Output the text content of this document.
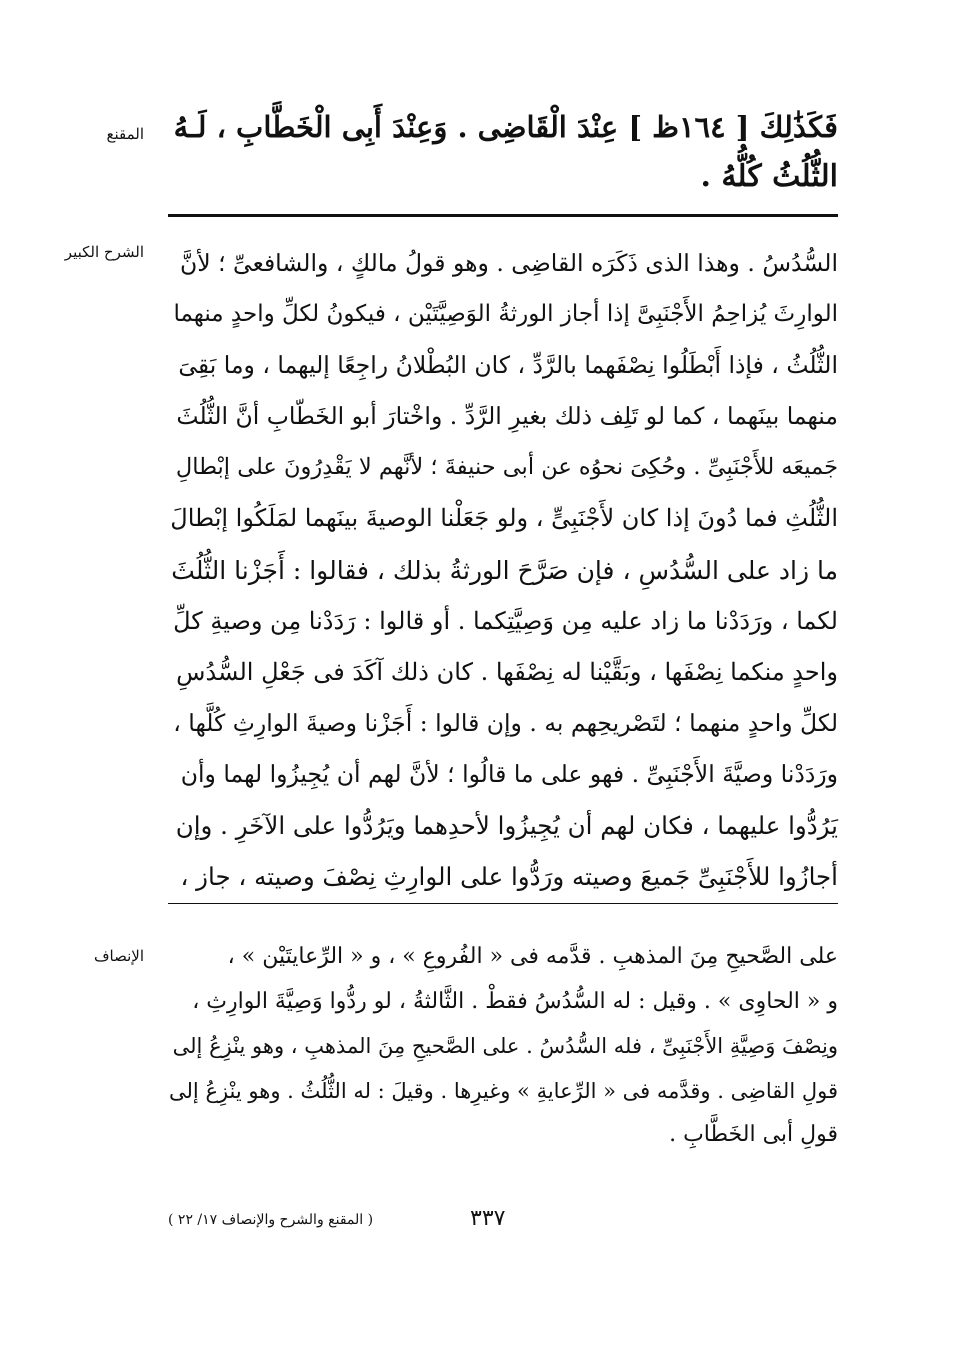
المقنع
الشرح الكبير
الإنصاف
فَكَذَٰلِكَ [ ١٦٤ظ ] عِنْدَ الْقَاضِى . وَعِنْدَ أَبِى الْخَطَّابِ ، لَـهُ
الثُّلُثُ كُلُّهُ .
السُّدُسُ . وهذا الذى ذَكَرَه القاضِى . وهو قولُ مالكٍ ، والشافعىِّ ؛ لأنَّ
الوارِثَ يُزاحِمُ الأَجْنَبِىَّ إذا أجاز الورثةُ الوَصِيَّتَيْن ، فيكونُ لكلِّ واحدٍ منهما
الثُّلُثُ ، فإذا أَبْطَلُوا نِصْفَهما بالرَّدِّ ، كان البُطْلانُ راجِعًا إليهما ، وما بَقِىَ
منهما بينَهما ، كما لو تَلِف ذلك بغيرِ الرَّدِّ . واخْتارَ أبو الخَطّابِ أنَّ الثُّلُثَ
جَميعَه للأَجْنَبِىِّ . وحُكِىَ نحوُه عن أبى حنيفةَ ؛ لأنَّهم لا يَقْدِرُونَ على إبْطالِ
الثُّلُثِ فما دُونَ إذا كان لأَجْنَبِىٍّ ، ولو جَعَلْنا الوصيةَ بينَهما لمَلَكُوا إبْطالَ
ما زاد على السُّدُسِ ، فإن صَرَّحَ الورثةُ بذلك ، فقالوا : أَجَزْنا الثُّلُثَ
لكما ، ورَدَدْنا ما زاد عليه مِن وَصِيَّتِكما . أو قالوا : رَدَدْنا مِن وصيةِ كلِّ
واحدٍ منكما نِصْفَها ، وبَقَّيْنا له نِصْفَها . كان ذلك آكَدَ فى جَعْلِ السُّدُسِ
لكلِّ واحدٍ منهما ؛ لتَصْريحِهم به . وإن قالوا : أَجَزْنا وصيةَ الوارِثِ كُلَّها ،
ورَدَدْنا وصيَّةَ الأَجْنَبِىِّ . فهو على ما قالُوا ؛ لأنَّ لهم أن يُجِيزُوا لهما وأن
يَرُدُّوا عليهما ، فكان لهم أن يُجِيزُوا لأحدِهما ويَرُدُّوا على الآخَرِ . وإن
أجازُوا للأَجْنَبِىِّ جَميعَ وصيته ورَدُّوا على الوارِثِ نِصْفَ وصيته ، جاز ،
على الصَّحيحِ مِنَ المذهبِ . قدَّمه فى « الفُروعِ » ، و « الرِّعايتَيْن » ،
و « الحاوِى » . وقيل : له السُّدُسُ فقطْ . الثَّالثةُ ، لو ردُّوا وَصِيَّةَ الوارِثِ ،
ونِصْفَ وَصِيَّةِ الأَجْنَبِىِّ ، فله السُّدُسُ . على الصَّحيحِ مِنَ المذهبِ ، وهو ينْزِعُ إلى
قولِ القاضِى . وقدَّمه فى « الرِّعايةِ » وغيرِها . وقيلَ : له الثُّلُثُ . وهو ينْزِعُ إلى
قولِ أبى الخَطَّابِ .
٣٣٧
( المقنع والشرح والإنصاف ١٧/ ٢٢ )
